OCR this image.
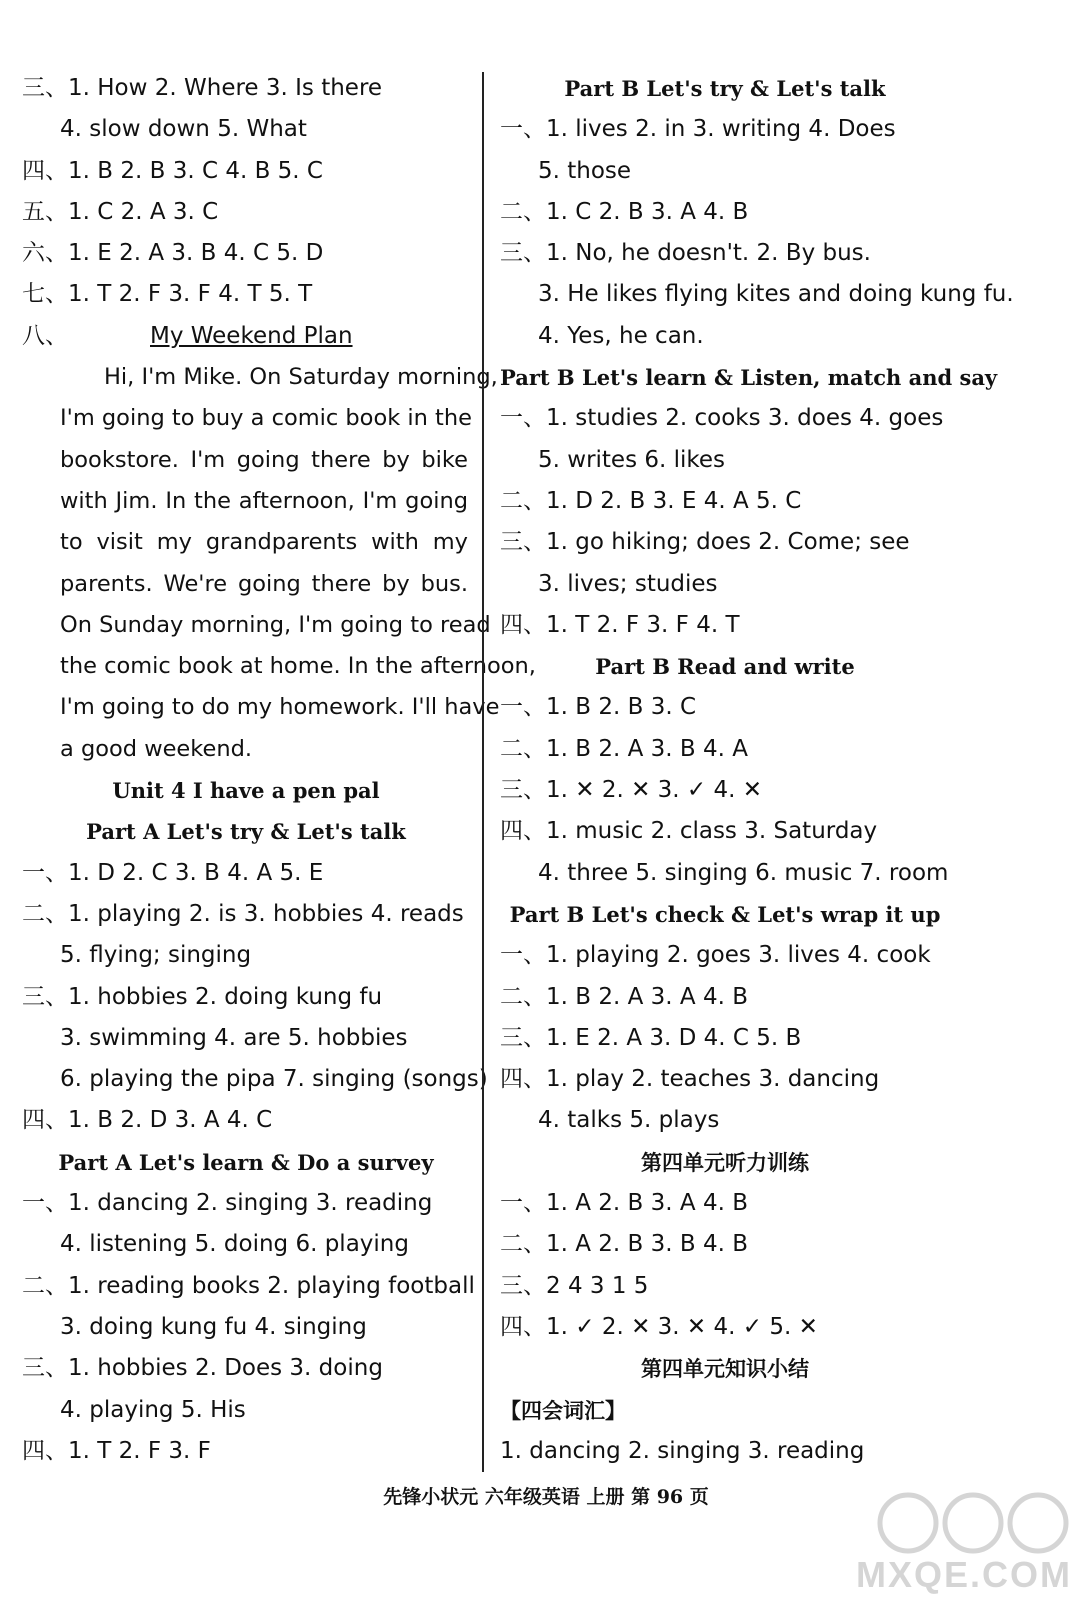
三、1. How 2. Where 3. Is there
4. slow down 5. What
四、1. B 2. B 3. C 4. B 5. C
五、1. C 2. A 3. C
六、1. E 2. A 3. B 4. C 5. D
七、1. T 2. F 3. F 4. T 5. T
八、	My Weekend Plan
Hi, I'm Mike. On Saturday morning,
I'm going to buy a comic book in the
bookstore. I'm going there by bike
with Jim. In the afternoon, I'm going
to visit my grandparents with my
parents. We're going there by bus.
On Sunday morning, I'm going to read
the comic book at home. In the afternoon,
I'm going to do my homework. I'll have
a good weekend.
Unit 4 I have a pen pal
Part A Let's try & Let's talk
一、1. D 2. C 3. B 4. A 5. E
二、1. playing 2. is 3. hobbies 4. reads
5. flying; singing
三、1. hobbies 2. doing kung fu
3. swimming 4. are 5. hobbies
6. playing the pipa 7. singing (songs)
四、1. B 2. D 3. A 4. C
Part A Let's learn & Do a survey
一、1. dancing 2. singing 3. reading
4. listening 5. doing 6. playing
二、1. reading books 2. playing football
3. doing kung fu 4. singing
三、1. hobbies 2. Does 3. doing
4. playing 5. His
四、1. T 2. F 3. F
Part B Let's try & Let's talk
一、1. lives 2. in 3. writing 4. Does
5. those
二、1. C 2. B 3. A 4. B
三、1. No, he doesn't. 2. By bus.
3. He likes flying kites and doing kung fu.
4. Yes, he can.
Part B Let's learn & Listen, match and say
一、1. studies 2. cooks 3. does 4. goes
5. writes 6. likes
二、1. D 2. B 3. E 4. A 5. C
三、1. go hiking; does 2. Come; see
3. lives; studies
四、1. T 2. F 3. F 4. T
Part B Read and write
一、1. B 2. B 3. C
二、1. B 2. A 3. B 4. A
三、1. ✕ 2. ✕ 3. ✓ 4. ✕
四、1. music 2. class 3. Saturday
4. three 5. singing 6. music 7. room
Part B Let's check & Let's wrap it up
一、1. playing 2. goes 3. lives 4. cook
二、1. B 2. A 3. A 4. B
三、1. E 2. A 3. D 4. C 5. B
四、1. play 2. teaches 3. dancing
4. talks 5. plays
第四单元听力训练
一、1. A 2. B 3. A 4. B
二、1. A 2. B 3. B 4. B
三、2 4 3 1 5
四、1. ✓ 2. ✕ 3. ✕ 4. ✓ 5. ✕
第四单元知识小结
【四会词汇】
1. dancing 2. singing 3. reading
先锋小状元 六年级英语 上册 第 96 页
MXQE.COM
